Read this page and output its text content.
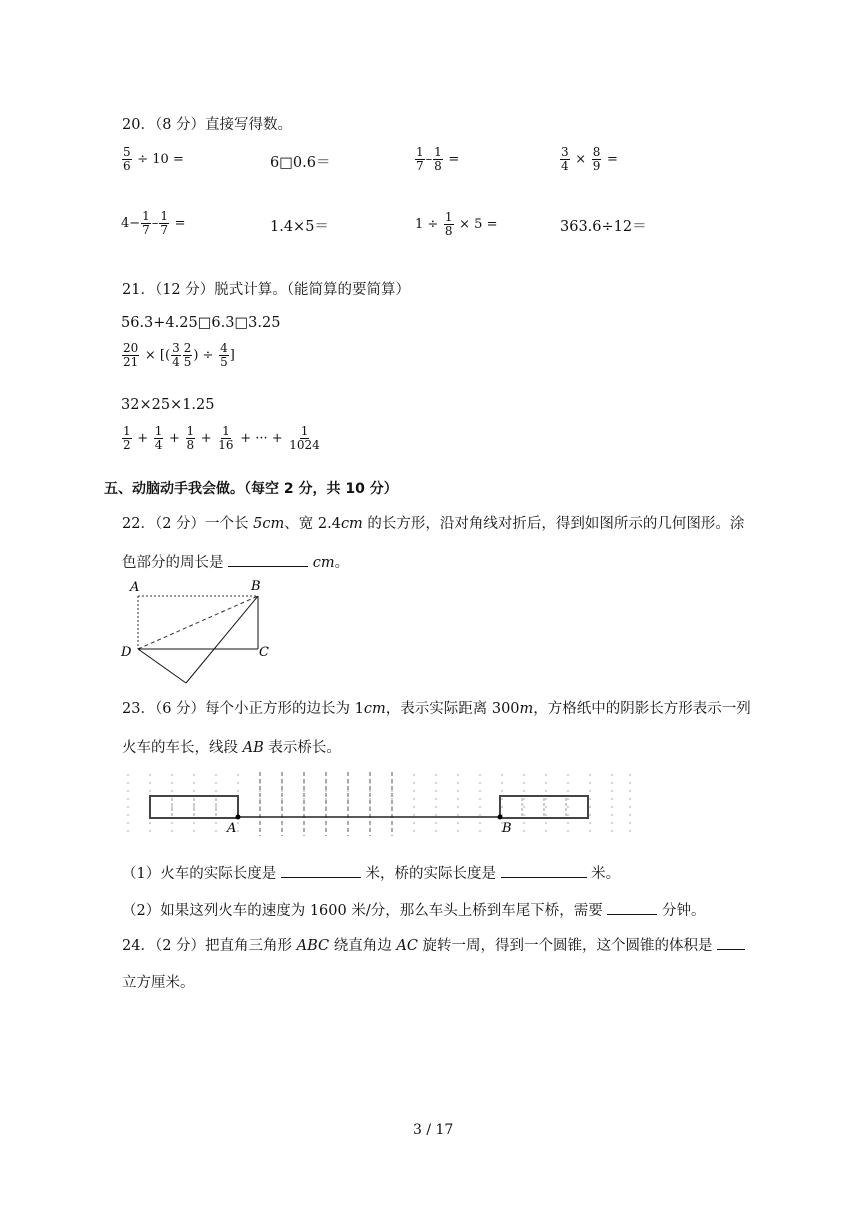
20．（8 分）直接写得数。
$\frac{5}{6} \div 10$ =	6□0.6＝	$\frac{1}{7} - \frac{1}{8}$ =	$\frac{3}{4} \times \frac{8}{9}$ =
$4- \frac{1}{7} - \frac{1}{7}$ =	1.4×5＝	$1 \div \frac{1}{8} \times 5$ =	363.6÷12＝
21．（12 分）脱式计算。（能简算的要简算）
56.3+4.25□6.3□3.25
$\frac{20}{21}$ × [( $\frac{3}{4} \frac{2}{5}$ ) ÷ $\frac{4}{5}$ ]
32×25×1.25
$\frac{1}{2} + \frac{1}{4} + \frac{1}{8} + \frac{1}{16}$ + ··· + $\frac{1}{1024}$
五、动脑动手我会做。（每空 2 分，共 10 分）
22．（2 分）一个长 5cm、宽 2.4cm 的长方形，沿对角线对折后，得到如图所示的几何图形。涂
色部分的周长是	cm。
A	B
C
D
23．（6 分）每个小正方形的边长为 1cm，表示实际距离 300m，方格纸中的阴影长方形表示一列
火车的车长，线段 AB 表示桥长。
A	B
（1）火车的实际长度是	米，桥的实际长度是	米。
（2）如果这列火车的速度为 1600 米/分，那么车头上桥到车尾下桥，需要	分钟。
24．（2 分）把直角三角形 ABC 绕直角边 AC 旋转一周，得到一个圆锥，这个圆锥的体积是
立方厘米。
3 / 17
